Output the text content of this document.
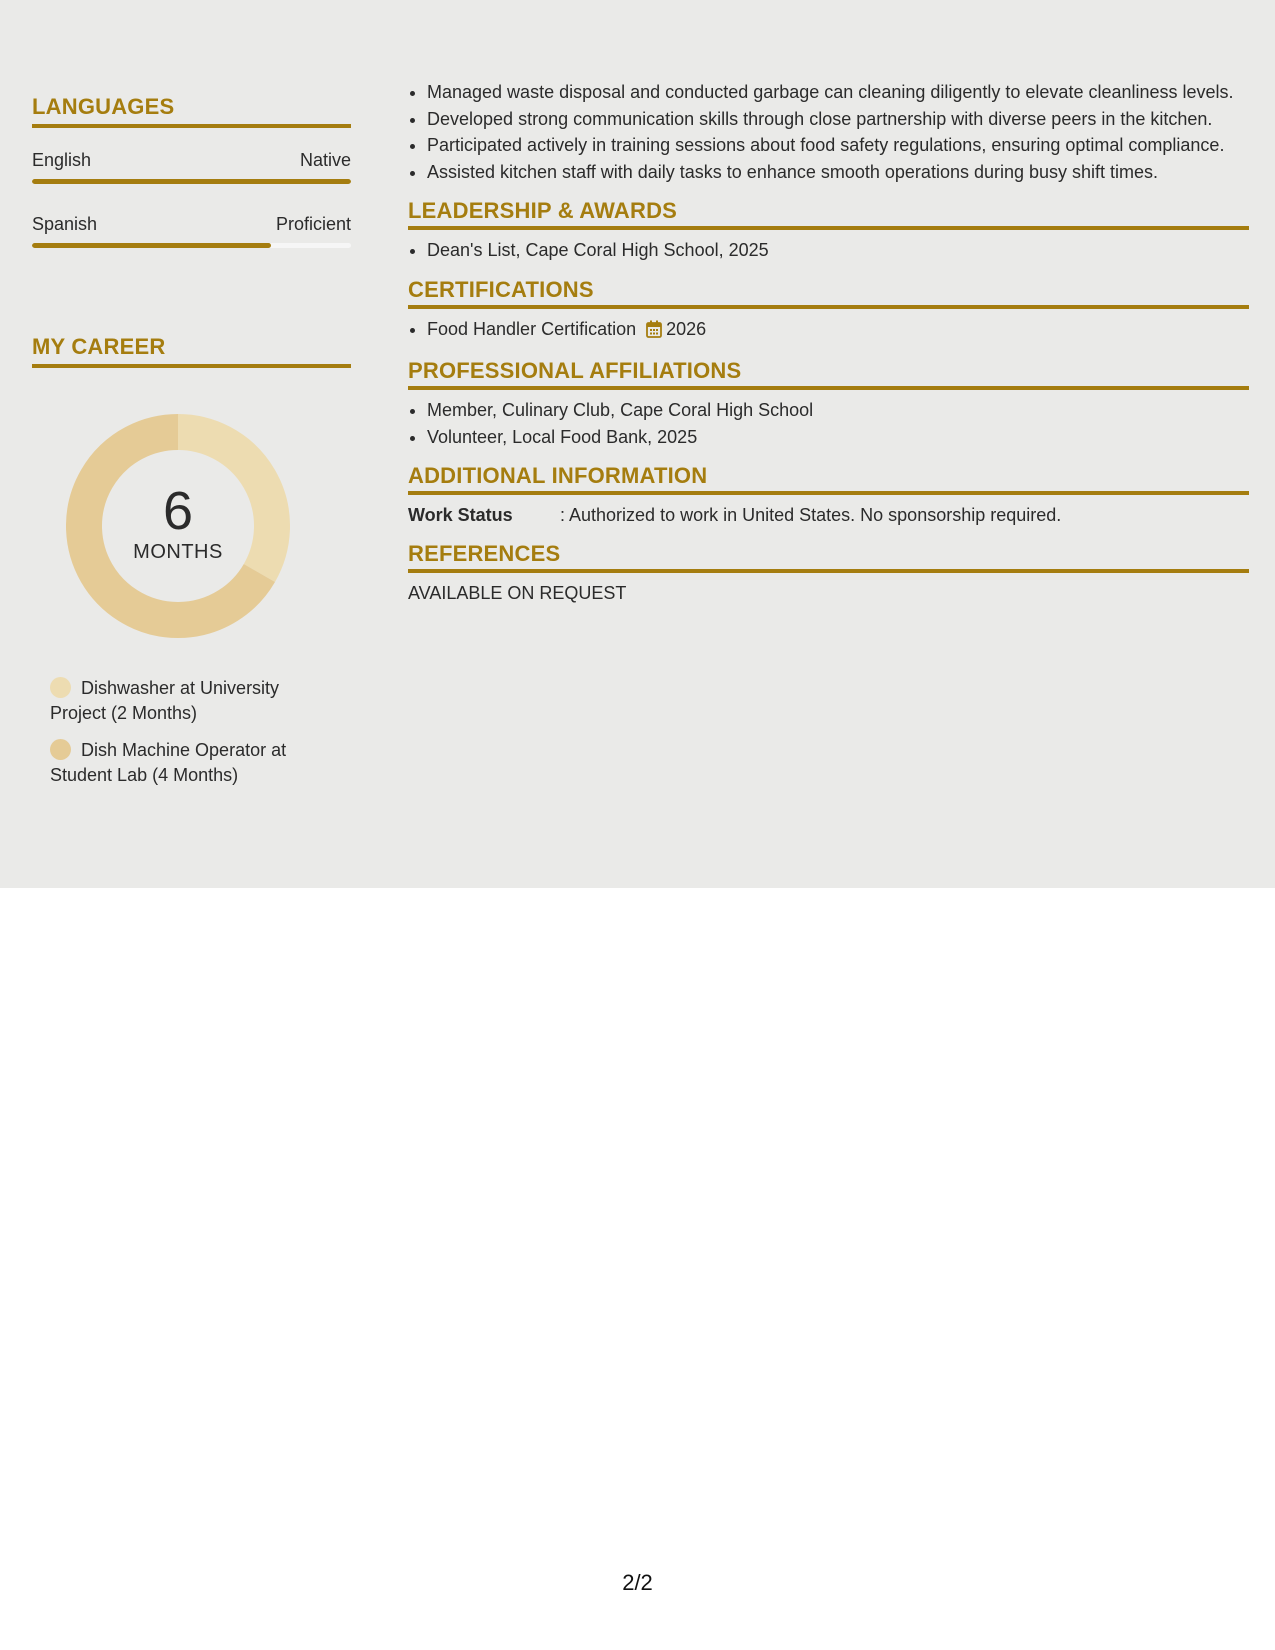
LANGUAGES
English	Native
Spanish	Proficient
MY CAREER
6
MONTHS
Dishwasher at University Project (2 Months)
Dish Machine Operator at Student Lab (4 Months)
• Managed waste disposal and conducted garbage can cleaning diligently to elevate cleanliness levels.
• Developed strong communication skills through close partnership with diverse peers in the kitchen.
• Participated actively in training sessions about food safety regulations, ensuring optimal compliance.
• Assisted kitchen staff with daily tasks to enhance smooth operations during busy shift times.
LEADERSHIP & AWARDS
• Dean's List, Cape Coral High School, 2025
CERTIFICATIONS
• Food Handler Certification 2026
PROFESSIONAL AFFILIATIONS
• Member, Culinary Club, Cape Coral High School
• Volunteer, Local Food Bank, 2025
ADDITIONAL INFORMATION
Work Status	: Authorized to work in United States. No sponsorship required.
REFERENCES
AVAILABLE ON REQUEST
2/2
